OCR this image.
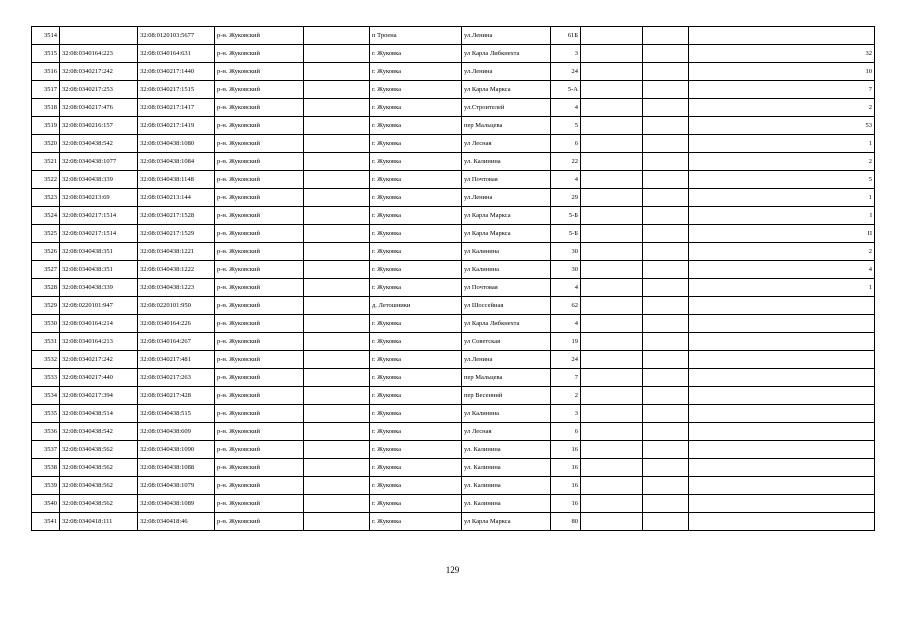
3514		32:08:0120103:5677	р-н. Жуковский		п Троена	ул.Ленина	61Б			
3515	32:08:0340164:223	32:08:0340164:631	р-н. Жуковский		г. Жуковка	ул Карла Либкнехта	3			32
3516	32:08:0340217:242	32:08:0340217:1440	р-н. Жуковский		г. Жуковка	ул.Ленина	24			10
3517	32:08:0340217:253	32:08:0340217:1515	р-н. Жуковский		г. Жуковка	ул Карла Маркса	5-А			7
3518	32:08:0340217:476	32:08:0340217:1417	р-н. Жуковский		г. Жуковка	ул.Строителей	4			2
3519	32:08:0340216:157	32:08:0340217:1419	р-н. Жуковский		г. Жуковка	пер Мальцева	5			53
3520	32:08:0340438:542	32:08:0340438:1080	р-н. Жуковский		г. Жуковка	ул Лесная	6			1
3521	32:08:0340438:1077	32:08:0340438:1084	р-н. Жуковский		г. Жуковка	ул. Калинина	22			2
3522	32:08:0340438:339	32:08:0340438:1148	р-н. Жуковский		г. Жуковка	ул Почтовая	4			5
3523	32:08:0340213:69	32:08:0340213:144	р-н. Жуковский		г. Жуковка	ул.Ленина	29			1
3524	32:08:0340217:1514	32:08:0340217:1528	р-н. Жуковский		г. Жуковка	ул Карла Маркса	5-Б			I
3525	32:08:0340217:1514	32:08:0340217:1529	р-н. Жуковский		г. Жуковка	ул Карла Маркса	5-Б			II
3526	32:08:0340438:351	32:08:0340438:1221	р-н. Жуковский		г. Жуковка	ул Калинина	30			2
3527	32:08:0340438:351	32:08:0340438:1222	р-н. Жуковский		г. Жуковка	ул Калинина	30			4
3528	32:08:0340438:339	32:08:0340438:1223	р-н. Жуковский		г. Жуковка	ул Почтовая	4			1
3529	32:08:0220101:947	32:08:0220101:950	р-н. Жуковский		д. Летошники	ул Шоссейная	62			
3530	32:08:0340164:214	32:08:0340164:226	р-н. Жуковский		г. Жуковка	ул Карла Либкнехта	4			
3531	32:08:0340164:213	32:08:0340164:267	р-н. Жуковский		г. Жуковка	ул Советская	19			
3532	32:08:0340217:242	32:08:0340217:481	р-н. Жуковский		г. Жуковка	ул.Ленина	24			
3533	32:08:0340217:440	32:08:0340217:263	р-н. Жуковский		г. Жуковка	пер Мальцева	7			
3534	32:08:0340217:394	32:08:0340217:428	р-н. Жуковский		г. Жуковка	пер Весенний	2			
3535	32:08:0340438:514	32:08:0340438:515	р-н. Жуковский		г. Жуковка	ул Калинина	3			
3536	32:08:0340438:542	32:08:0340438:609	р-н. Жуковский		г. Жуковка	ул Лесная	6			
3537	32:08:0340438:562	32:08:0340438:1090	р-н. Жуковский		г. Жуковка	ул. Калинина	16			
3538	32:08:0340438:562	32:08:0340438:1088	р-н. Жуковский		г. Жуковка	ул. Калинина	16			
3539	32:08:0340438:562	32:08:0340438:1079	р-н. Жуковский		г. Жуковка	ул. Калинина	16			
3540	32:08:0340438:562	32:08:0340438:1089	р-н. Жуковский		г. Жуковка	ул. Калинина	16			
3541	32:08:0340418:111	32:08:0340418:46	р-н. Жуковский		г. Жуковка	ул Карла Маркса	80			
129
